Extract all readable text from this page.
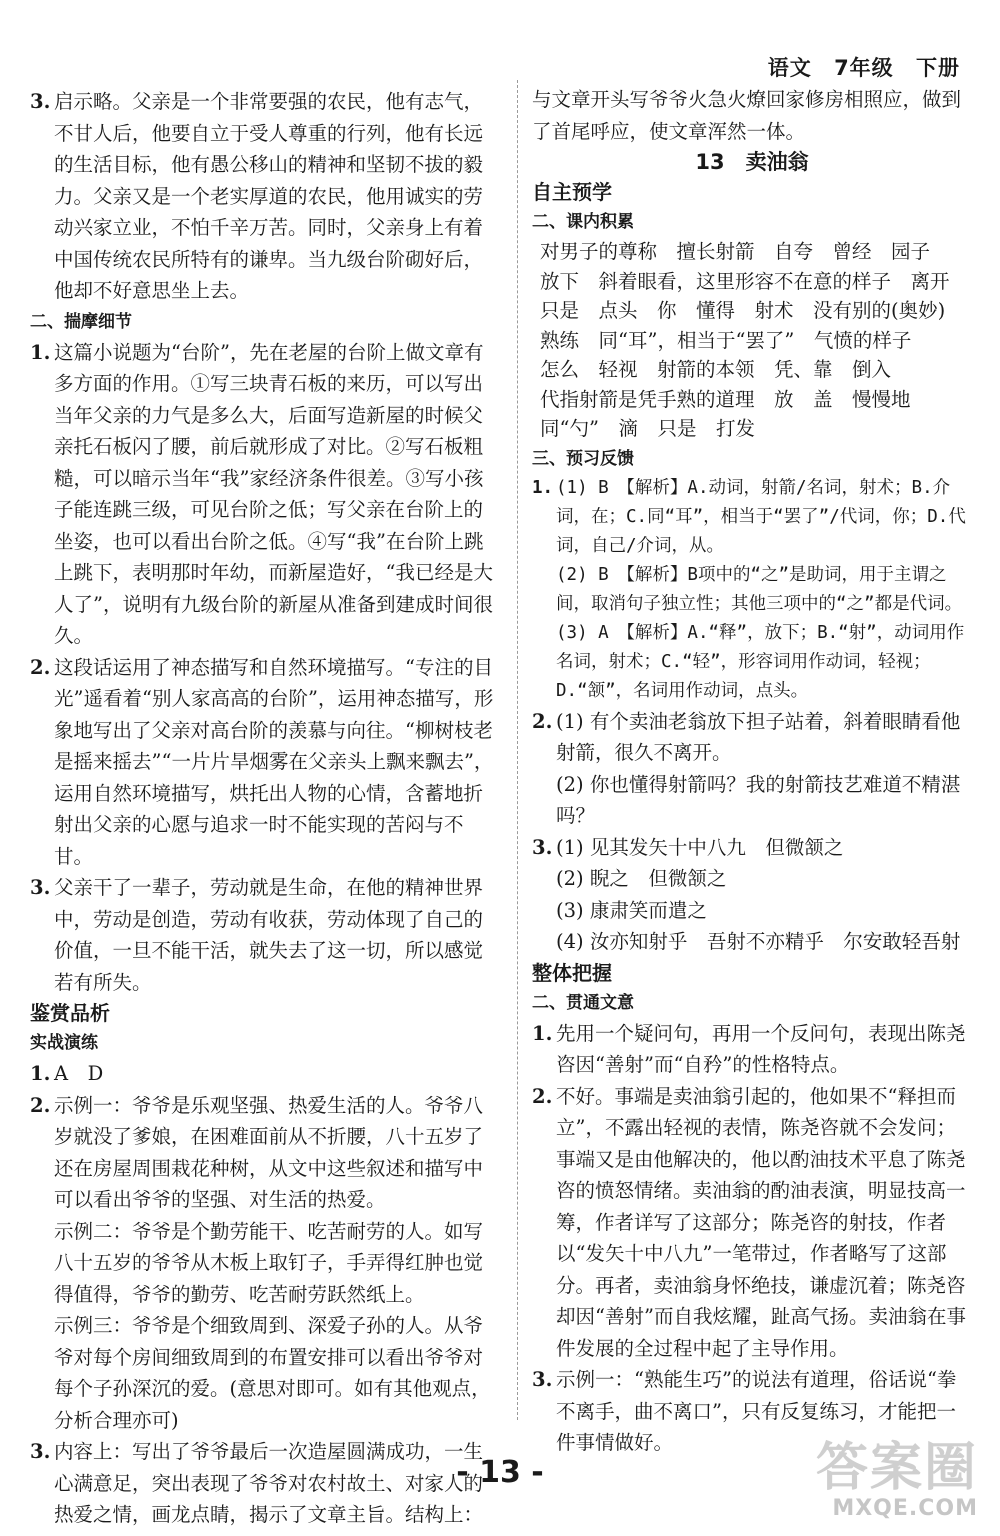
语文 7年级 下册
3. 启示略。父亲是一个非常要强的农民，他有志气，不甘人后，他要自立于受人尊重的行列，他有长远的生活目标，他有愚公移山的精神和坚韧不拔的毅力。父亲又是一个老实厚道的农民，他用诚实的劳动兴家立业，不怕千辛万苦。同时，父亲身上有着中国传统农民所特有的谦卑。当九级台阶砌好后，他却不好意思坐上去。
二、揣摩细节
1. 这篇小说题为“台阶”，先在老屋的台阶上做文章有多方面的作用。①写三块青石板的来历，可以写出当年父亲的力气是多么大，后面写造新屋的时候父亲托石板闪了腰，前后就形成了对比。②写石板粗糙，可以暗示当年“我”家经济条件很差。③写小孩子能连跳三级，可见台阶之低；写父亲在台阶上的坐姿，也可以看出台阶之低。④写“我”在台阶上跳上跳下，表明那时年幼，而新屋造好，“我已经是大人了”，说明有九级台阶的新屋从准备到建成时间很久。
2. 这段话运用了神态描写和自然环境描写。“专注的目光”遥看着“别人家高高的台阶”，运用神态描写，形象地写出了父亲对高台阶的羡慕与向往。“柳树枝老是摇来摇去”“一片片旱烟雾在父亲头上飘来飘去”，运用自然环境描写，烘托出人物的心情，含蓄地折射出父亲的心愿与追求一时不能实现的苦闷与不甘。
3. 父亲干了一辈子，劳动就是生命，在他的精神世界中，劳动是创造，劳动有收获，劳动体现了自己的价值，一旦不能干活，就失去了这一切，所以感觉若有所失。
鉴赏品析
实战演练
1. A　D
2. 示例一：爷爷是乐观坚强、热爱生活的人。爷爷八岁就没了爹娘，在困难面前从不折腰，八十五岁了还在房屋周围栽花种树，从文中这些叙述和描写中可以看出爷爷的坚强、对生活的热爱。
示例二：爷爷是个勤劳能干、吃苦耐劳的人。如写八十五岁的爷爷从木板上取钉子，手弄得红肿也觉得值得，爷爷的勤劳、吃苦耐劳跃然纸上。
示例三：爷爷是个细致周到、深爱子孙的人。从爷爷对每个房间细致周到的布置安排可以看出爷爷对每个子孙深沉的爱。(意思对即可。如有其他观点，分析合理亦可)
3. 内容上：写出了爷爷最后一次造屋圆满成功，一生心满意足，突出表现了爷爷对农村故土、对家人的热爱之情，画龙点睛，揭示了文章主旨。结构上：
与文章开头写爷爷火急火燎回家修房相照应，做到了首尾呼应，使文章浑然一体。
13　卖油翁
自主预学
二、课内积累
对男子的尊称　擅长射箭　自夸　曾经　园子
放下　斜着眼看，这里形容不在意的样子　离开
只是　点头　你　懂得　射术　没有别的(奥妙)
熟练　同“耳”，相当于“罢了”　气愤的样子
怎么　轻视　射箭的本领　凭、靠　倒入
代指射箭是凭手熟的道理　放　盖　慢慢地
同“勺”　滴　只是　打发
三、预习反馈
1. (1) B　【解析】A.动词，射箭/名词，射术；B.介词，在；C.同“耳”，相当于“罢了”/代词，你；D.代词，自己/介词，从。
(2) B　【解析】B项中的“之”是助词，用于主谓之间，取消句子独立性；其他三项中的“之”都是代词。
(3) A　【解析】A.“释”，放下；B.“射”，动词用作名词，射术；C.“轻”，形容词用作动词，轻视；D.“颔”，名词用作动词，点头。
2. (1) 有个卖油老翁放下担子站着，斜着眼睛看他射箭，很久不离开。
(2) 你也懂得射箭吗？我的射箭技艺难道不精湛吗？
3. (1) 见其发矢十中八九　但微颔之
(2) 睨之　但微颔之
(3) 康肃笑而遣之
(4) 汝亦知射乎　吾射不亦精乎　尔安敢轻吾射
整体把握
二、贯通文意
1. 先用一个疑问句，再用一个反问句，表现出陈尧咨因“善射”而“自矜”的性格特点。
2. 不好。事端是卖油翁引起的，他如果不“释担而立”，不露出轻视的表情，陈尧咨就不会发问；事端又是由他解决的，他以酌油技术平息了陈尧咨的愤怒情绪。卖油翁的酌油表演，明显技高一筹，作者详写了这部分；陈尧咨的射技，作者以“发矢十中八九”一笔带过，作者略写了这部分。再者，卖油翁身怀绝技，谦虚沉着；陈尧咨却因“善射”而自我炫耀，趾高气扬。卖油翁在事件发展的全过程中起了主导作用。
3. 示例一：“熟能生巧”的说法有道理，俗话说“拳不离手，曲不离口”，只有反复练习，才能把一件事情做好。
- 13 -	答案圈
MXQE.COM
